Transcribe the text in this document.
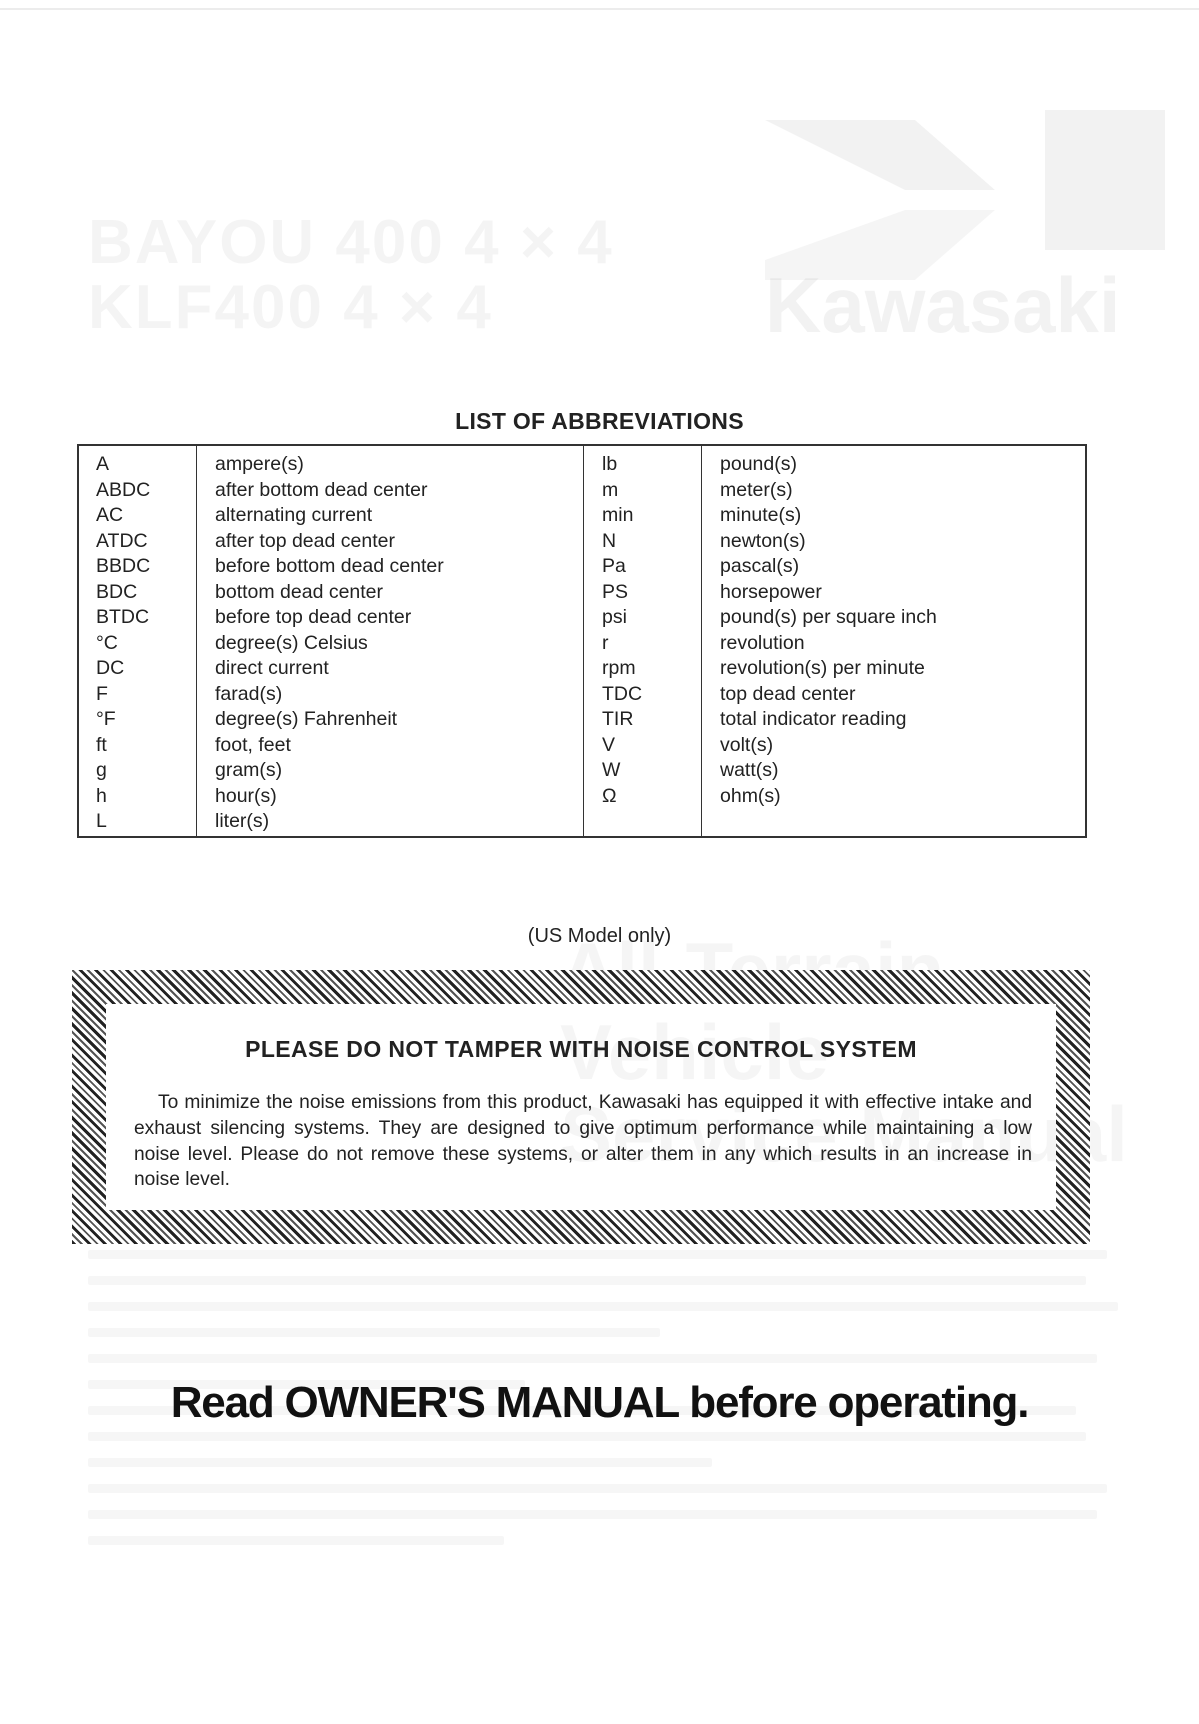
Kawasaki
LIST OF ABBREVIATIONS
A
ABDC
AC
ATDC
BBDC
BDC
BTDC
°C
DC
F
°F
ft
g
h
L
ampere(s)
after bottom dead center
alternating current
after top dead center
before bottom dead center
bottom dead center
before top dead center
degree(s) Celsius
direct current
farad(s)
degree(s) Fahrenheit
foot, feet
gram(s)
hour(s)
liter(s)
lb
m
min
N
Pa
PS
psi
r
rpm
TDC
TIR
V
W
Ω
pound(s)
meter(s)
minute(s)
newton(s)
pascal(s)
horsepower
pound(s) per square inch
revolution
revolution(s) per minute
top dead center
total indicator reading
volt(s)
watt(s)
ohm(s)
(US Model only)
PLEASE DO NOT TAMPER WITH NOISE CONTROL SYSTEM
To minimize the noise emissions from this product, Kawasaki has equipped it with effective intake and exhaust silencing systems. They are designed to give optimum performance while maintaining a low noise level. Please do not remove these systems, or alter them in any which results in an increase in noise level.
Read OWNER'S MANUAL before operating.
